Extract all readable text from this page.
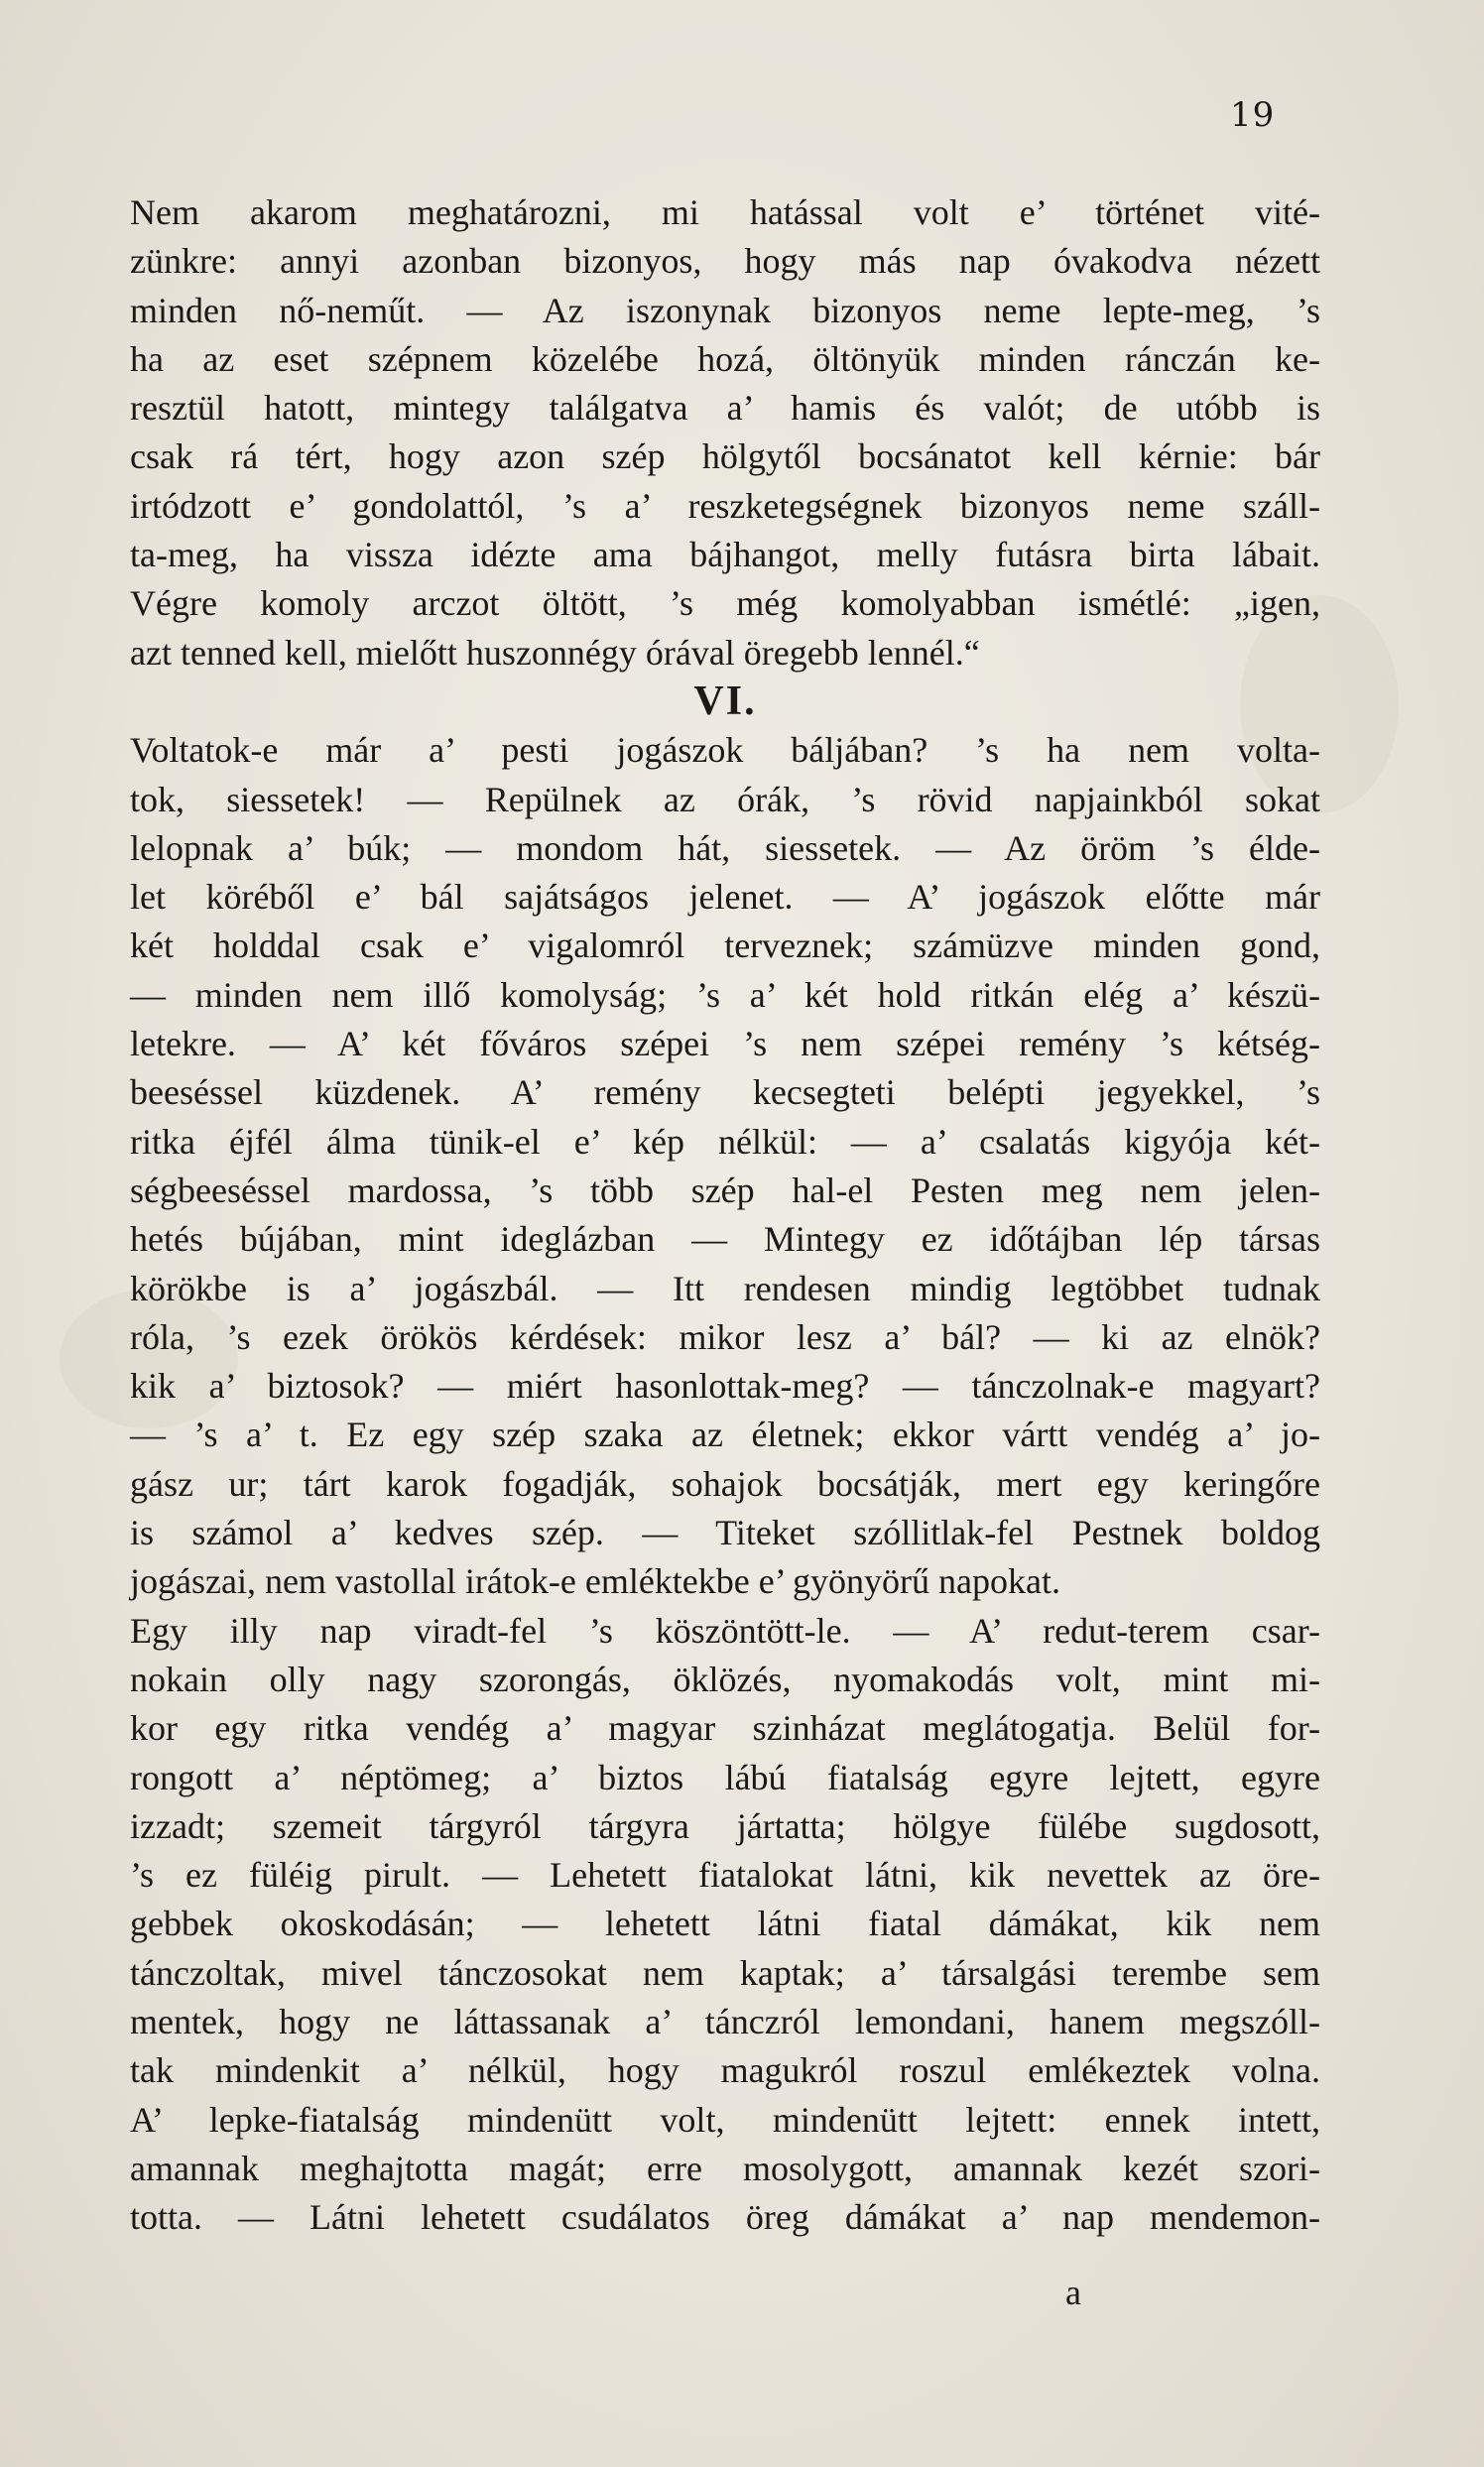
19
Nem akarom meghatározni, mi hatással volt e’ történet vité-
zünkre: annyi azonban bizonyos, hogy más nap óvakodva nézett
minden nő-neműt. — Az iszonynak bizonyos neme lepte-meg, ’s
ha az eset szépnem közelébe hozá, öltönyük minden ránczán ke-
resztül hatott, mintegy találgatva a’ hamis és valót; de utóbb is
csak rá tért, hogy azon szép hölgytől bocsánatot kell kérnie: bár
irtódzott e’ gondolattól, ’s a’ reszketegségnek bizonyos neme száll-
ta-meg, ha vissza idézte ama bájhangot, melly futásra birta lábait.
Végre komoly arczot öltött, ’s még komolyabban ismétlé: „igen,
azt tenned kell, mielőtt huszonnégy órával öregebb lennél.“
VI.
Voltatok-e már a’ pesti jogászok báljában? ’s ha nem volta-
tok, siessetek! — Repülnek az órák, ’s rövid napjainkból sokat
lelopnak a’ búk; — mondom hát, siessetek. — Az öröm ’s élde-
let köréből e’ bál sajátságos jelenet. — A’ jogászok előtte már
két holddal csak e’ vigalomról terveznek; számüzve minden gond,
— minden nem illő komolyság; ’s a’ két hold ritkán elég a’ készü-
letekre. — A’ két főváros szépei ’s nem szépei remény ’s kétség-
beeséssel küzdenek. A’ remény kecsegteti belépti jegyekkel, ’s
ritka éjfél álma tünik-el e’ kép nélkül: — a’ csalatás kigyója két-
ségbeeséssel mardossa, ’s több szép hal-el Pesten meg nem jelen-
hetés bújában, mint ideglázban — Mintegy ez időtájban lép társas
körökbe is a’ jogászbál. — Itt rendesen mindig legtöbbet tudnak
róla, ’s ezek örökös kérdések: mikor lesz a’ bál? — ki az elnök?
kik a’ biztosok? — miért hasonlottak-meg? — tánczolnak-e magyart?
— ’s a’ t. Ez egy szép szaka az életnek; ekkor vártt vendég a’ jo-
gász ur; tárt karok fogadják, sohajok bocsátják, mert egy keringőre
is számol a’ kedves szép. — Titeket szóllitlak-fel Pestnek boldog
jogászai, nem vastollal irátok-e emléktekbe e’ gyönyörű napokat.
Egy illy nap viradt-fel ’s köszöntött-le. — A’ redut-terem csar-
nokain olly nagy szorongás, öklözés, nyomakodás volt, mint mi-
kor egy ritka vendég a’ magyar szinházat meglátogatja. Belül for-
rongott a’ néptömeg; a’ biztos lábú fiatalság egyre lejtett, egyre
izzadt; szemeit tárgyról tárgyra jártatta; hölgye fülébe sugdosott,
’s ez füléig pirult. — Lehetett fiatalokat látni, kik nevettek az öre-
gebbek okoskodásán; — lehetett látni fiatal dámákat, kik nem
tánczoltak, mivel tánczosokat nem kaptak; a’ társalgási terembe sem
mentek, hogy ne láttassanak a’ tánczról lemondani, hanem megszóll-
tak mindenkit a’ nélkül, hogy magukról roszul emlékeztek volna.
A’ lepke-fiatalság mindenütt volt, mindenütt lejtett: ennek intett,
amannak meghajtotta magát; erre mosolygott, amannak kezét szori-
totta. — Látni lehetett csudálatos öreg dámákat a’ nap mendemon-
a
